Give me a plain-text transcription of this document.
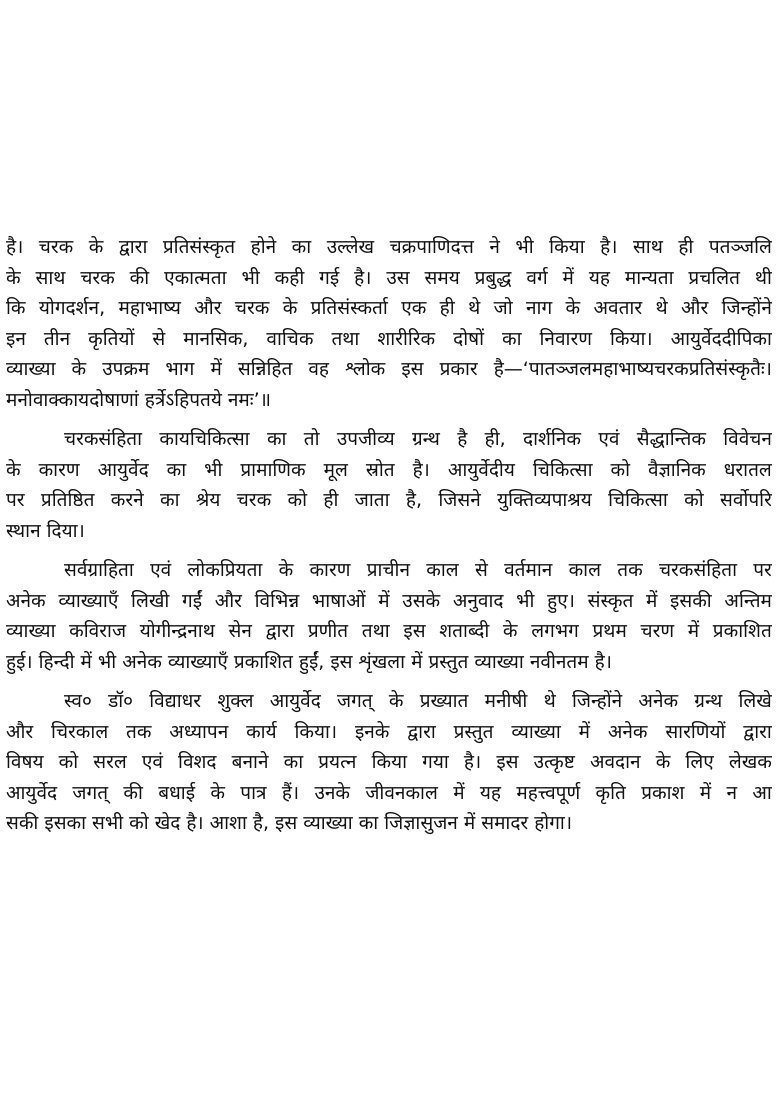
है। चरक के द्वारा प्रतिसंस्कृत होने का उल्लेख चक्रपाणिदत्त ने भी किया है। साथ ही पतञ्जलि
के साथ चरक की एकात्मता भी कही गई है। उस समय प्रबुद्ध वर्ग में यह मान्यता प्रचलित थी
कि योगदर्शन, महाभाष्य और चरक के प्रतिसंस्कर्ता एक ही थे जो नाग के अवतार थे और जिन्होंने
इन तीन कृतियों से मानसिक, वाचिक तथा शारीरिक दोषों का निवारण किया। आयुर्वेददीपिका
व्याख्या के उपक्रम भाग में सन्निहित वह श्लोक इस प्रकार है—‘पातञ्जलमहाभाष्यचरकप्रतिसंस्कृतैः।
मनोवाक्कायदोषाणां हर्त्रेऽहिपतये नमः’॥
चरकसंहिता कायचिकित्सा का तो उपजीव्य ग्रन्थ है ही, दार्शनिक एवं सैद्धान्तिक विवेचन
के कारण आयुर्वेद का भी प्रामाणिक मूल स्रोत है। आयुर्वेदीय चिकित्सा को वैज्ञानिक धरातल
पर प्रतिष्ठित करने का श्रेय चरक को ही जाता है, जिसने युक्तिव्यपाश्रय चिकित्सा को सर्वोपरि
स्थान दिया।
सर्वग्राहिता एवं लोकप्रियता के कारण प्राचीन काल से वर्तमान काल तक चरकसंहिता पर
अनेक व्याख्याएँ लिखी गईं और विभिन्न भाषाओं में उसके अनुवाद भी हुए। संस्कृत में इसकी अन्तिम
व्याख्या कविराज योगीन्द्रनाथ सेन द्वारा प्रणीत तथा इस शताब्दी के लगभग प्रथम चरण में प्रकाशित
हुई। हिन्दी में भी अनेक व्याख्याएँ प्रकाशित हुईं, इस शृंखला में प्रस्तुत व्याख्या नवीनतम है।
स्व० डॉ० विद्याधर शुक्ल आयुर्वेद जगत् के प्रख्यात मनीषी थे जिन्होंने अनेक ग्रन्थ लिखे
और चिरकाल तक अध्यापन कार्य किया। इनके द्वारा प्रस्तुत व्याख्या में अनेक सारणियों द्वारा
विषय को सरल एवं विशद बनाने का प्रयत्न किया गया है। इस उत्कृष्ट अवदान के लिए लेखक
आयुर्वेद जगत् की बधाई के पात्र हैं। उनके जीवनकाल में यह महत्त्वपूर्ण कृति प्रकाश में न आ
सकी इसका सभी को खेद है। आशा है, इस व्याख्या का जिज्ञासुजन में समादर होगा।
